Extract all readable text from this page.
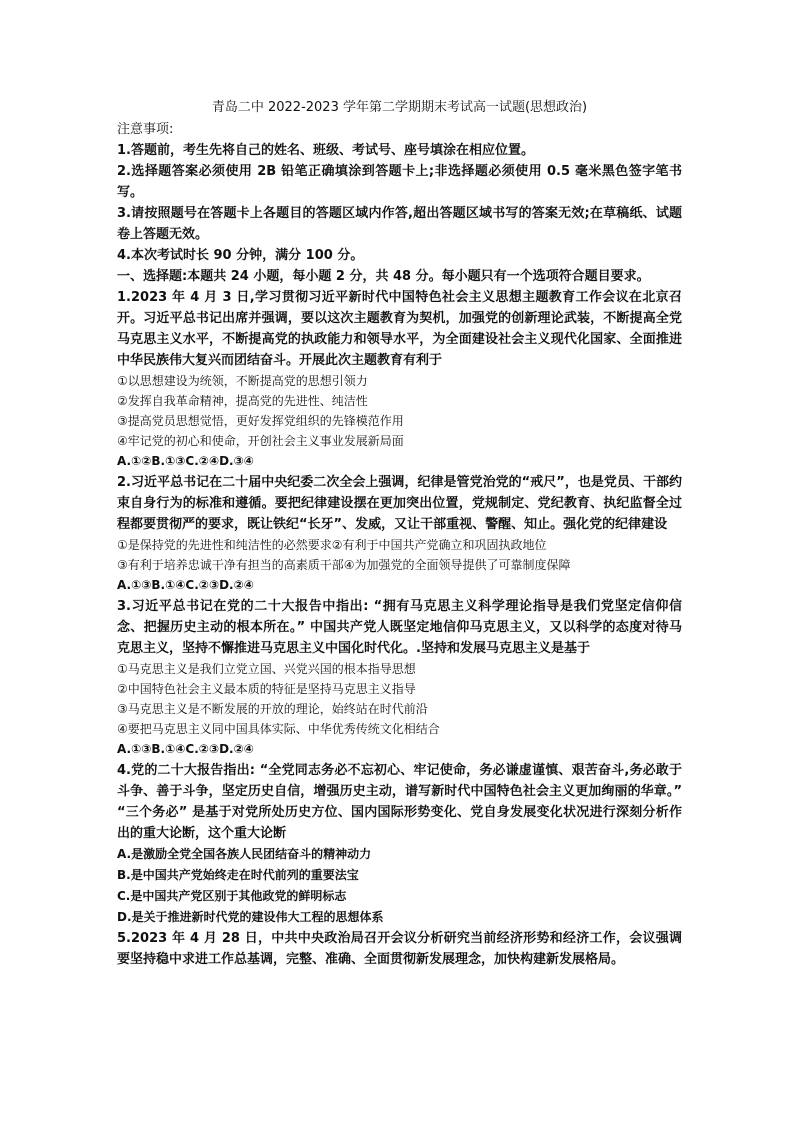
青岛二中 2022-2023 学年第二学期期末考试高一试题(思想政治)

注意事项:

1.答题前，考生先将自己的姓名、班级、考试号、座号填涂在相应位置。

2.选择题答案必须使用 2B 铅笔正确填涂到答题卡上;非选择题必须使用 0.5 毫米黑色签字笔书写。

3.请按照题号在答题卡上各题目的答题区域内作答,超出答题区域书写的答案无效;在草稿纸、试题卷上答题无效。

4.本次考试时长 90 分钟，满分 100 分。

一、选择题:本题共 24 小题，每小题 2 分，共 48 分。每小题只有一个选项符合题目要求。

1.2023 年 4 月 3 日,学习贯彻习近平新时代中国特色社会主义思想主题教育工作会议在北京召开。习近平总书记出席并强调，要以这次主题教育为契机，加强党的创新理论武装，不断提高全党马克思主义水平，不断提高党的执政能力和领导水平，为全面建设社会主义现代化国家、全面推进中华民族伟大复兴而团结奋斗。开展此次主题教育有利于

①以思想建设为统领，不断提高党的思想引领力

②发挥自我革命精神，提高党的先进性、纯洁性

③提高党员思想觉悟，更好发挥党组织的先锋模范作用

④牢记党的初心和使命，开创社会主义事业发展新局面

A.①②B.①③C.②④D.③④

2.习近平总书记在二十届中央纪委二次全会上强调，纪律是管党治党的“戒尺”，也是党员、干部约束自身行为的标准和遵循。要把纪律建设摆在更加突出位置，党规制定、党纪教育、执纪监督全过程都要贯彻严的要求，既让铁纪“长牙”、发威，又让干部重视、警醒、知止。强化党的纪律建设

①是保持党的先进性和纯洁性的必然要求②有利于中国共产党确立和巩固执政地位

③有利于培养忠诚干净有担当的高素质干部④为加强党的全面领导提供了可靠制度保障

A.①③B.①④C.②③D.②④

3.习近平总书记在党的二十大报告中指出: “拥有马克思主义科学理论指导是我们党坚定信仰信念、把握历史主动的根本所在。” 中国共产党人既坚定地信仰马克思主义，又以科学的态度对待马克思主义，坚持不懈推进马克思主义中国化时代化。.坚持和发展马克思主义是基于

①马克思主义是我们立党立国、兴党兴国的根本指导思想

②中国特色社会主义最本质的特征是坚持马克思主义指导

③马克思主义是不断发展的开放的理论，始终站在时代前沿

④要把马克思主义同中国具体实际、中华优秀传统文化相结合

A.①③B.①④C.②③D.②④

4.党的二十大报告指出: “全党同志务必不忘初心、牢记使命，务必谦虚谨慎、艰苦奋斗,务必敢于斗争、善于斗争，坚定历史自信，增强历史主动，谱写新时代中国特色社会主义更加绚丽的华章。” “三个务必” 是基于对党所处历史方位、国内国际形势变化、党自身发展变化状况进行深刻分析作出的重大论断，这个重大论断

A.是激励全党全国各族人民团结奋斗的精神动力

B.是中国共产党始终走在时代前列的重要法宝

C.是中国共产党区别于其他政党的鲜明标志

D.是关于推进新时代党的建设伟大工程的思想体系

5.2023 年 4 月 28 日，中共中央政治局召开会议分析研究当前经济形势和经济工作，会议强调要坚持稳中求进工作总基调，完整、准确、全面贯彻新发展理念，加快构建新发展格局。
